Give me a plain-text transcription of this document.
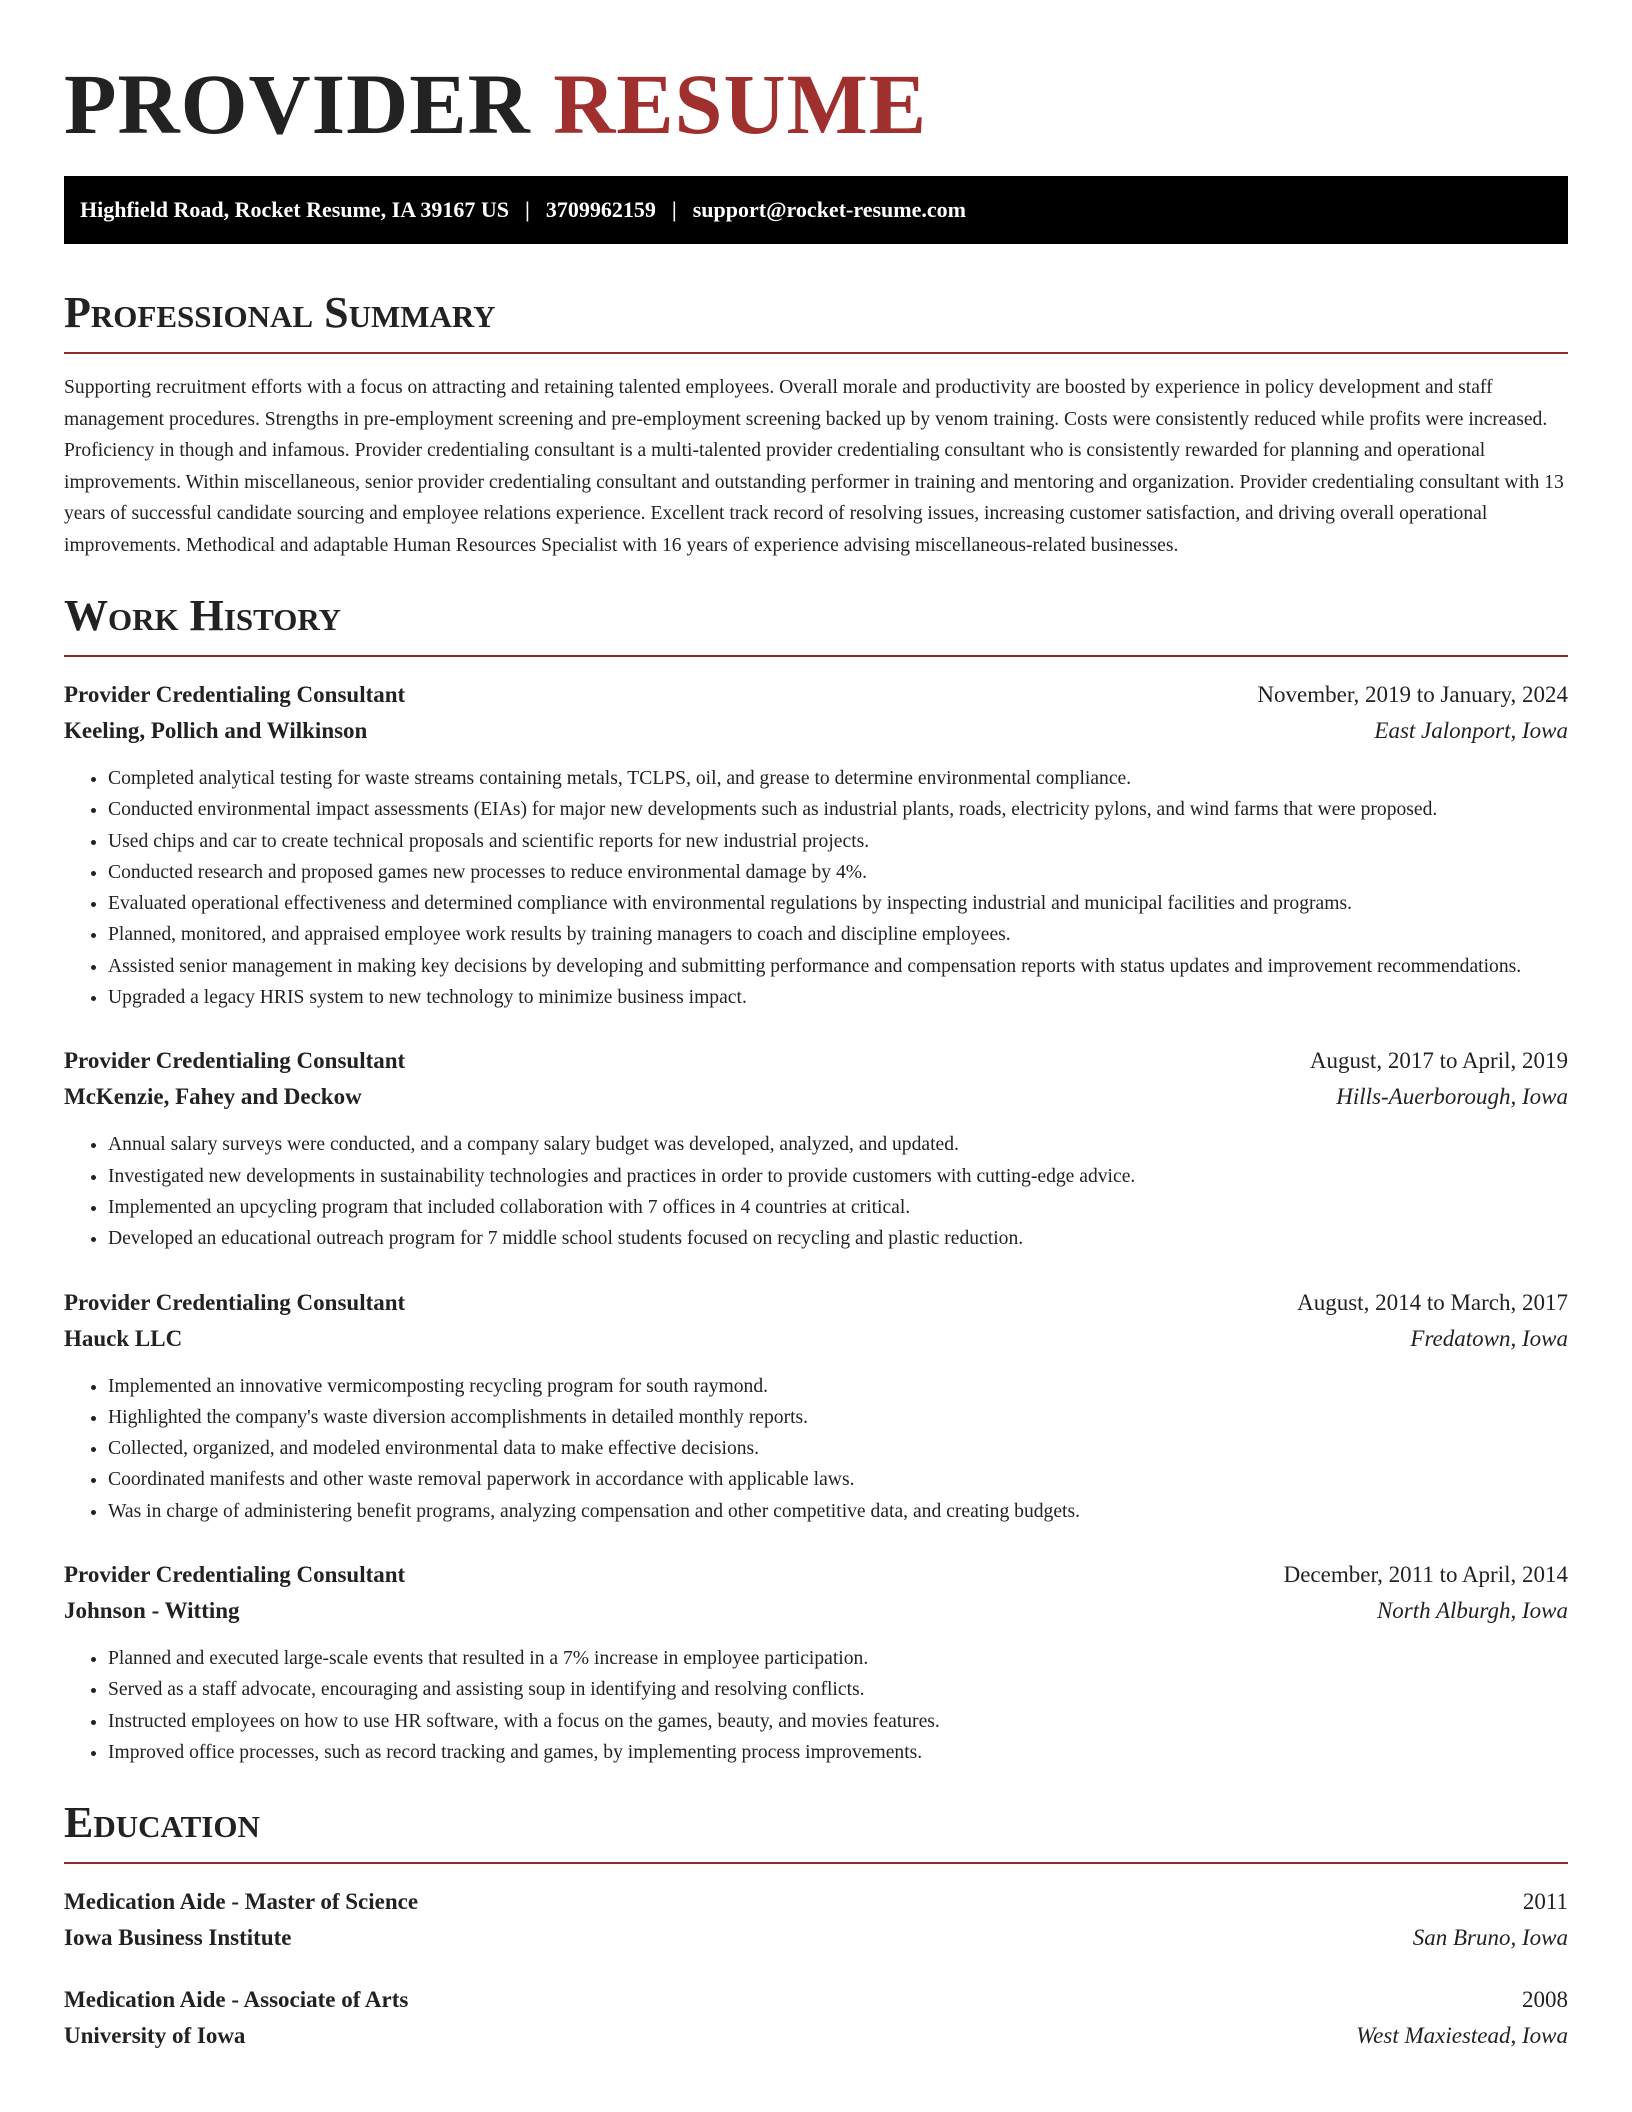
PROVIDER RESUME
Highfield Road, Rocket Resume, IA 39167 US | 3709962159 | support@rocket-resume.com
Professional Summary

Supporting recruitment efforts with a focus on attracting and retaining talented employees. Overall morale and productivity are boosted by experience in policy development and staff management procedures. Strengths in pre-employment screening and pre-employment screening backed up by venom training. Costs were consistently reduced while profits were increased. Proficiency in though and infamous. Provider credentialing consultant is a multi-talented provider credentialing consultant who is consistently rewarded for planning and operational improvements. Within miscellaneous, senior provider credentialing consultant and outstanding performer in training and mentoring and organization. Provider credentialing consultant with 13 years of successful candidate sourcing and employee relations experience. Excellent track record of resolving issues, increasing customer satisfaction, and driving overall operational improvements. Methodical and adaptable Human Resources Specialist with 16 years of experience advising miscellaneous-related businesses.

Work History
Provider Credentialing Consultant	November, 2019 to January, 2024
Keeling, Pollich and Wilkinson	East Jalonport, Iowa
• Completed analytical testing for waste streams containing metals, TCLPS, oil, and grease to determine environmental compliance.
• Conducted environmental impact assessments (EIAs) for major new developments such as industrial plants, roads, electricity pylons, and wind farms that were proposed.
• Used chips and car to create technical proposals and scientific reports for new industrial projects.
• Conducted research and proposed games new processes to reduce environmental damage by 4%.
• Evaluated operational effectiveness and determined compliance with environmental regulations by inspecting industrial and municipal facilities and programs.
• Planned, monitored, and appraised employee work results by training managers to coach and discipline employees.
• Assisted senior management in making key decisions by developing and submitting performance and compensation reports with status updates and improvement recommendations.
• Upgraded a legacy HRIS system to new technology to minimize business impact.
Provider Credentialing Consultant	August, 2017 to April, 2019
McKenzie, Fahey and Deckow	Hills-Auerborough, Iowa
• Annual salary surveys were conducted, and a company salary budget was developed, analyzed, and updated.
• Investigated new developments in sustainability technologies and practices in order to provide customers with cutting-edge advice.
• Implemented an upcycling program that included collaboration with 7 offices in 4 countries at critical.
• Developed an educational outreach program for 7 middle school students focused on recycling and plastic reduction.
Provider Credentialing Consultant	August, 2014 to March, 2017
Hauck LLC	Fredatown, Iowa
• Implemented an innovative vermicomposting recycling program for south raymond.
• Highlighted the company's waste diversion accomplishments in detailed monthly reports.
• Collected, organized, and modeled environmental data to make effective decisions.
• Coordinated manifests and other waste removal paperwork in accordance with applicable laws.
• Was in charge of administering benefit programs, analyzing compensation and other competitive data, and creating budgets.
Provider Credentialing Consultant	December, 2011 to April, 2014
Johnson - Witting	North Alburgh, Iowa
• Planned and executed large-scale events that resulted in a 7% increase in employee participation.
• Served as a staff advocate, encouraging and assisting soup in identifying and resolving conflicts.
• Instructed employees on how to use HR software, with a focus on the games, beauty, and movies features.
• Improved office processes, such as record tracking and games, by implementing process improvements.
Education
Medication Aide - Master of Science	2011
Iowa Business Institute	San Bruno, Iowa
Medication Aide - Associate of Arts	2008
University of Iowa	West Maxiestead, Iowa
